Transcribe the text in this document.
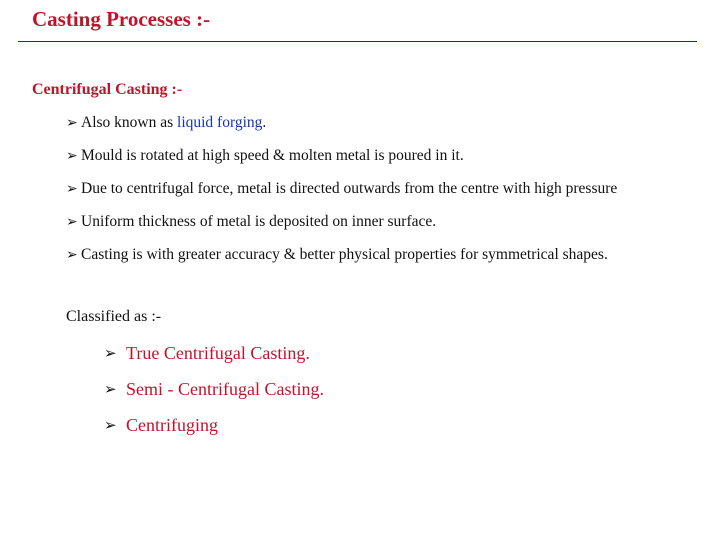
Casting Processes :-
Centrifugal Casting :-
➢ Also known as liquid forging.
➢ Mould is rotated at high speed & molten metal is poured in it.
➢ Due to centrifugal force, metal is directed outwards from the centre with high pressure
➢ Uniform thickness of metal is deposited on inner surface.
➢ Casting is with greater accuracy & better physical properties for symmetrical shapes.
Classified as :-
➢ True Centrifugal Casting.
➢ Semi - Centrifugal Casting.
➢ Centrifuging
